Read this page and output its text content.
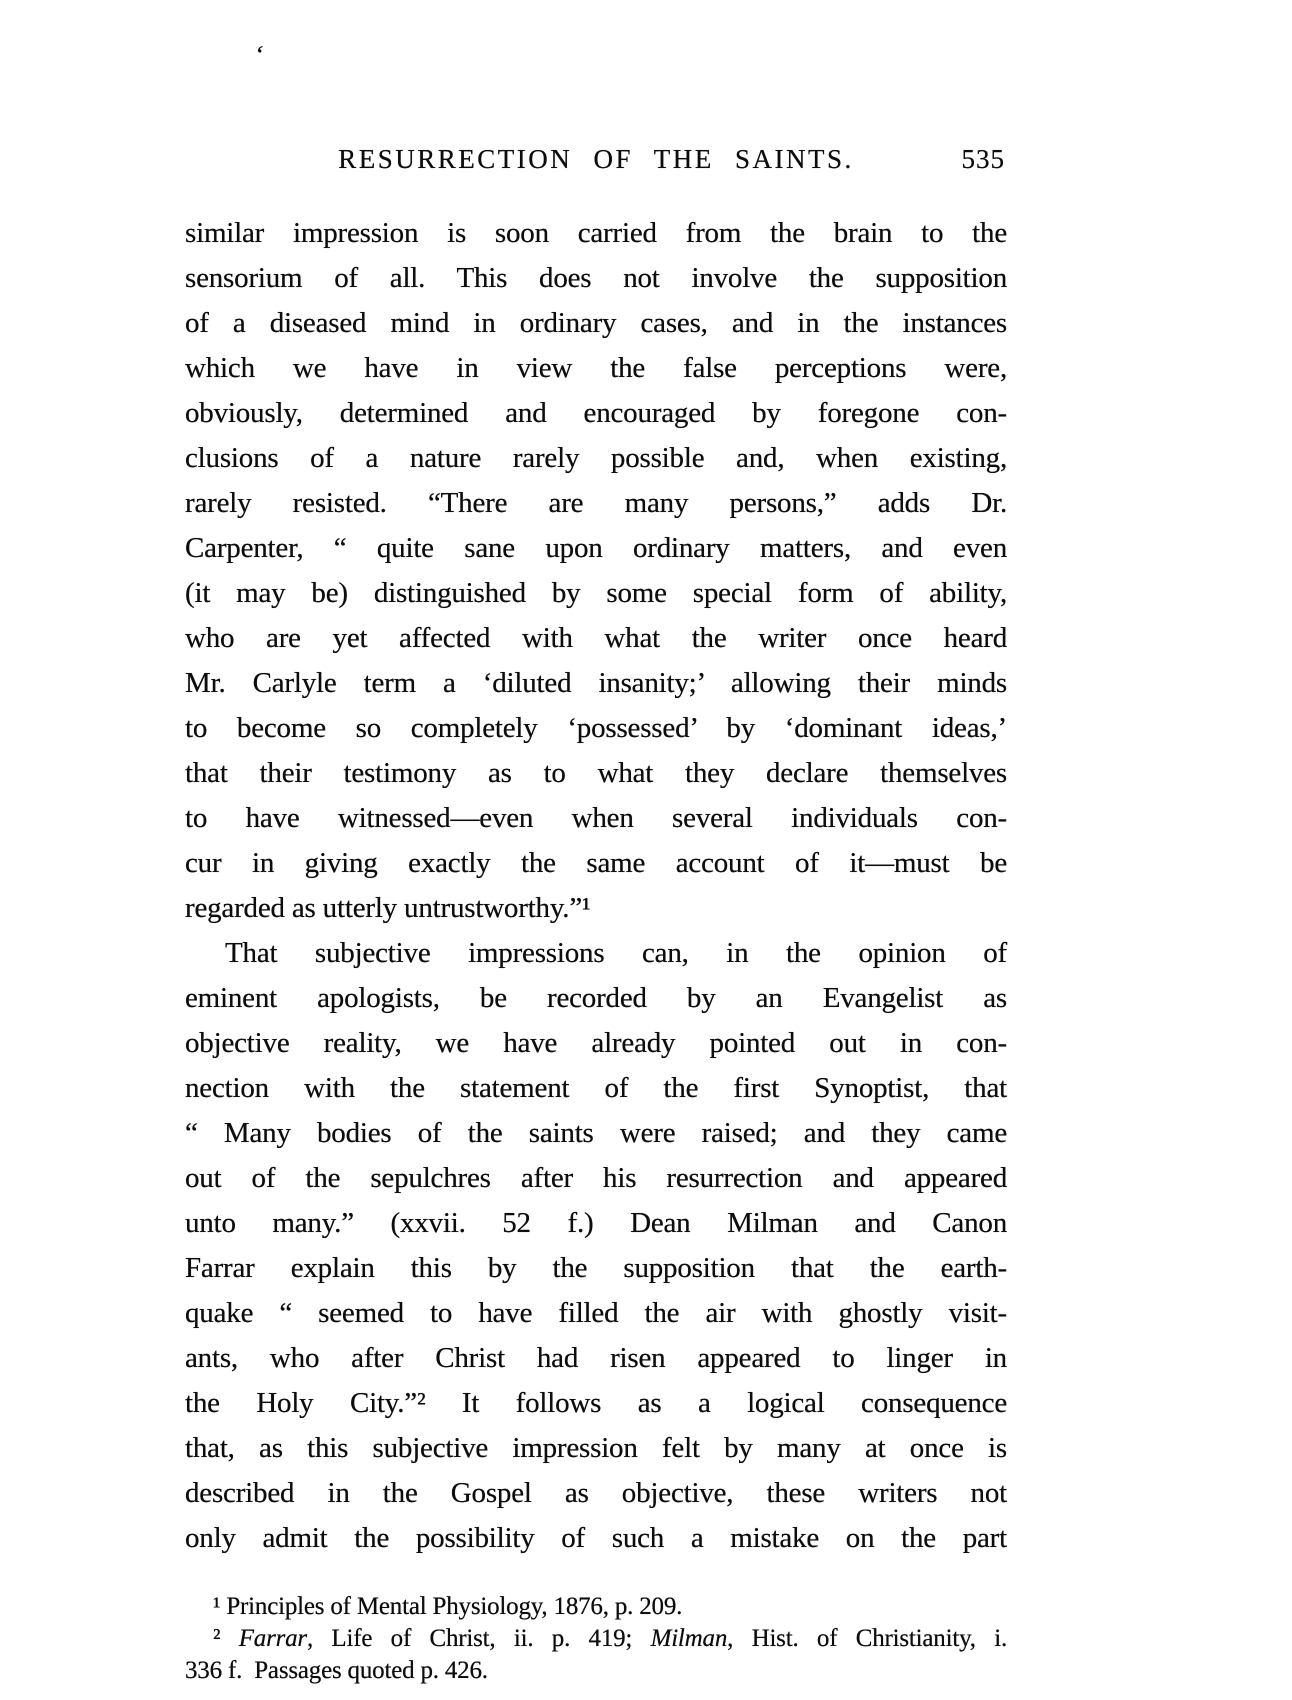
‘
RESURRECTION OF THE SAINTS.	535
similar impression is soon carried from the brain to the
sensorium of all. This does not involve the supposition
of a diseased mind in ordinary cases, and in the instances
which we have in view the false perceptions were,
obviously, determined and encouraged by foregone con-
clusions of a nature rarely possible and, when existing,
rarely resisted. “There are many persons,” adds Dr.
Carpenter, “ quite sane upon ordinary matters, and even
(it may be) distinguished by some special form of ability,
who are yet affected with what the writer once heard
Mr. Carlyle term a ‘diluted insanity;’ allowing their minds
to become so completely ‘possessed’ by ‘dominant ideas,’
that their testimony as to what they declare themselves
to have witnessed—even when several individuals con-
cur in giving exactly the same account of it—must be
regarded as utterly untrustworthy.”¹
That subjective impressions can, in the opinion of
eminent apologists, be recorded by an Evangelist as
objective reality, we have already pointed out in con-
nection with the statement of the first Synoptist, that
“ Many bodies of the saints were raised; and they came
out of the sepulchres after his resurrection and appeared
unto many.” (xxvii. 52 f.) Dean Milman and Canon
Farrar explain this by the supposition that the earth-
quake “ seemed to have filled the air with ghostly visit-
ants, who after Christ had risen appeared to linger in
the Holy City.”² It follows as a logical consequence
that, as this subjective impression felt by many at once is
described in the Gospel as objective, these writers not
only admit the possibility of such a mistake on the part
¹ Principles of Mental Physiology, 1876, p. 209.
² Farrar, Life of Christ, ii. p. 419; Milman, Hist. of Christianity, i.
336 f.  Passages quoted p. 426.
